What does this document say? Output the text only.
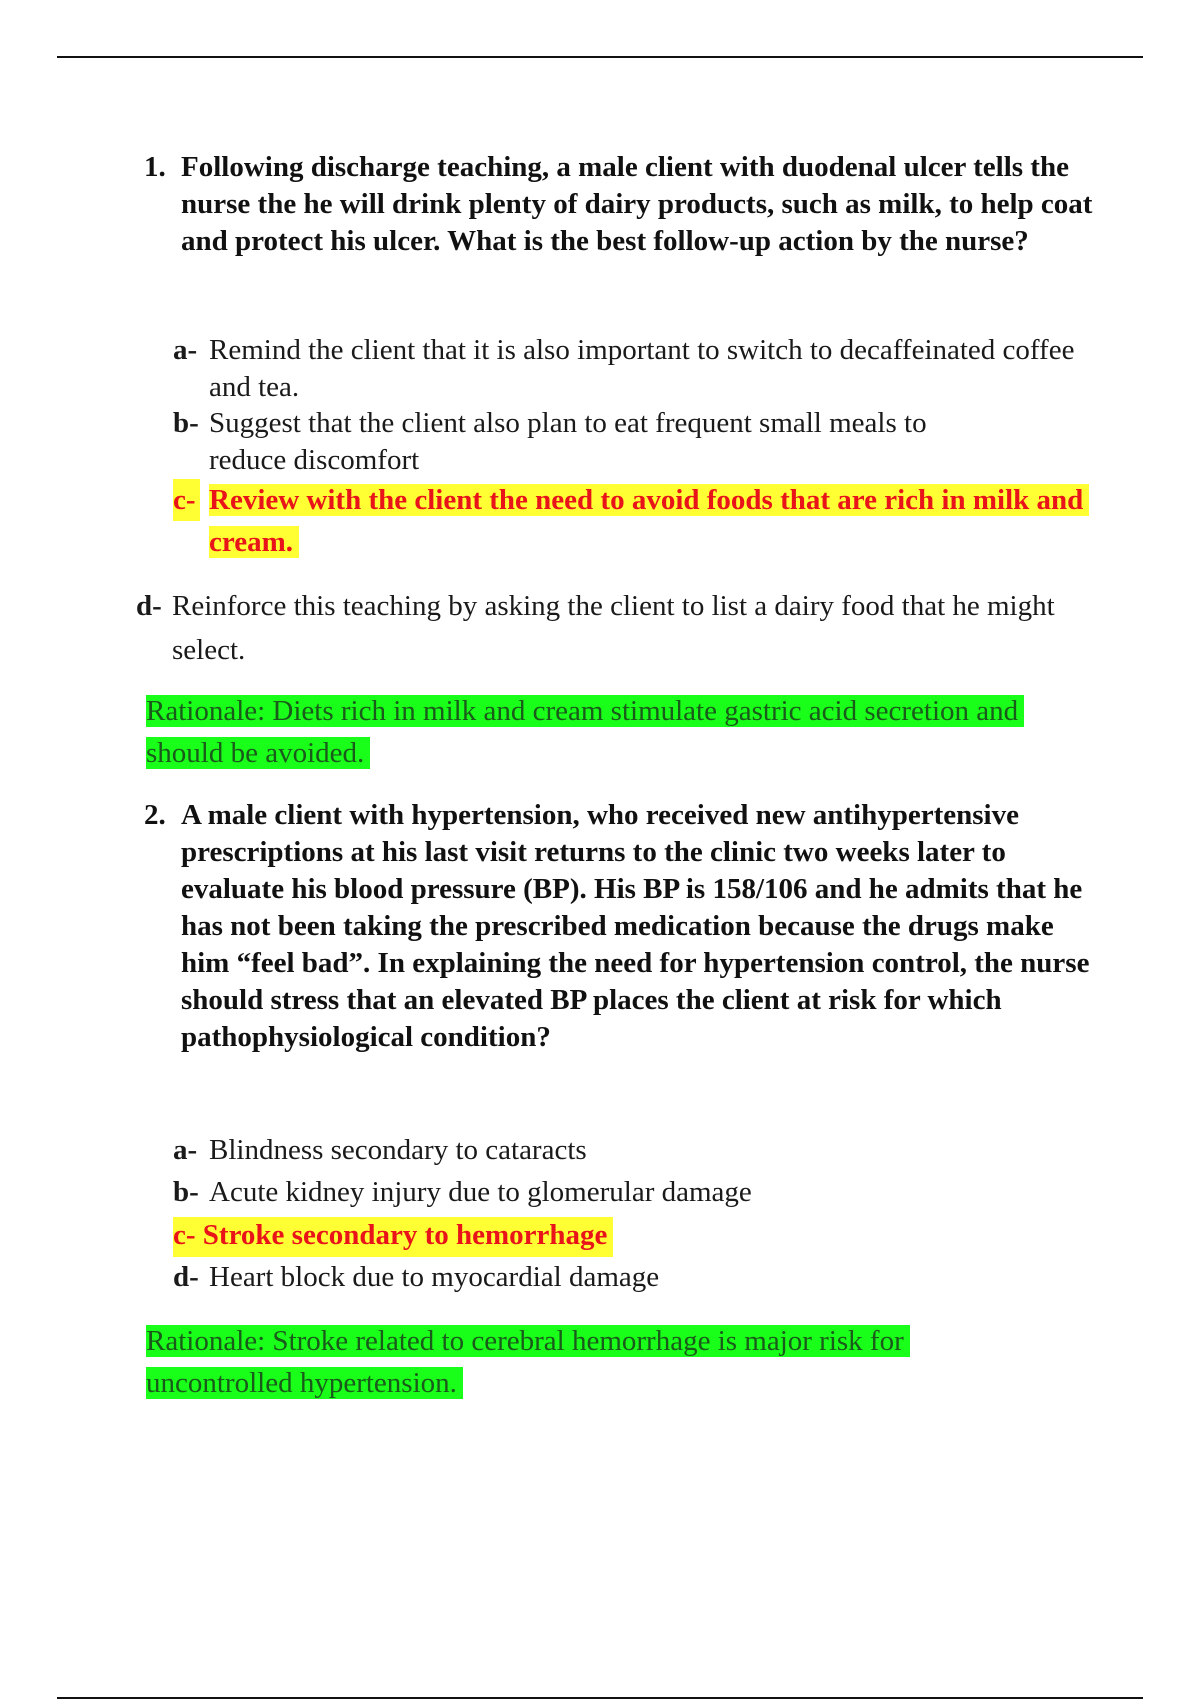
1. Following discharge teaching, a male client with duodenal ulcer tells the nurse the he will drink plenty of dairy products, such as milk, to help coat and protect his ulcer. What is the best follow-up action by the nurse?
a- Remind the client that it is also important to switch to decaffeinated coffee and tea.
b- Suggest that the client also plan to eat frequent small meals to reduce discomfort
c- Review with the client the need to avoid foods that are rich in milk and cream.
d- Reinforce this teaching by asking the client to list a dairy food that he might select.
Rationale: Diets rich in milk and cream stimulate gastric acid secretion and should be avoided.
2. A male client with hypertension, who received new antihypertensive prescriptions at his last visit returns to the clinic two weeks later to evaluate his blood pressure (BP). His BP is 158/106 and he admits that he has not been taking the prescribed medication because the drugs make him “feel bad”. In explaining the need for hypertension control, the nurse should stress that an elevated BP places the client at risk for which pathophysiological condition?
a- Blindness secondary to cataracts
b- Acute kidney injury due to glomerular damage
c- Stroke secondary to hemorrhage
d- Heart block due to myocardial damage
Rationale: Stroke related to cerebral hemorrhage is major risk for uncontrolled hypertension.
